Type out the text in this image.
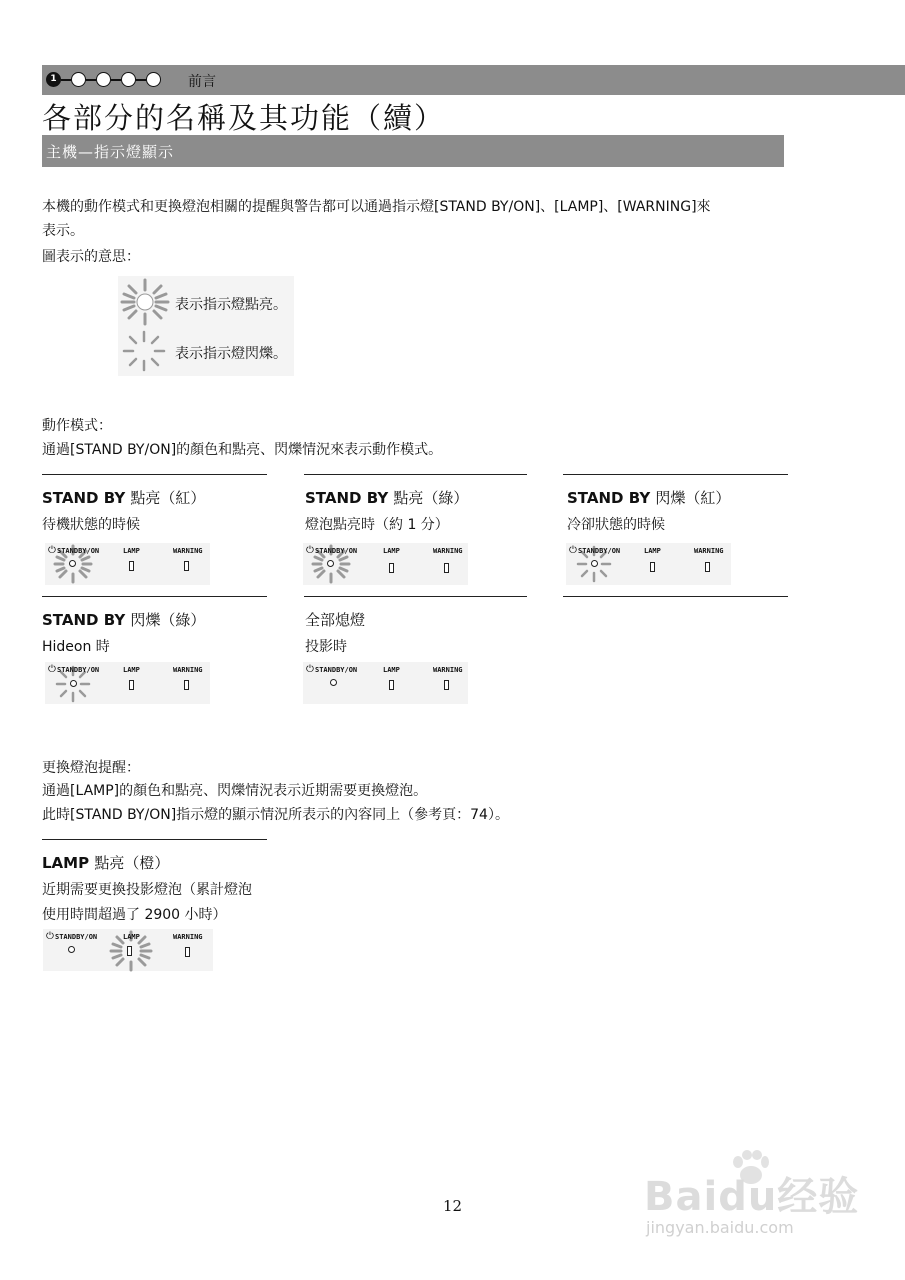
1	前言
各部分的名稱及其功能（續）
主機—指示燈顯示
本機的動作模式和更換燈泡相關的提醒與警告都可以通過指示燈[STAND BY/ON]、[LAMP]、[WARNING]來
表示。
圖表示的意思：
表示指示燈點亮。
表示指示燈閃爍。
動作模式：
通過[STAND BY/ON]的顏色和點亮、閃爍情況來表示動作模式。
STAND BY 點亮（紅）
待機狀態的時候
⏻ STANDBY/ON	LAMP	WARNING
STAND BY 點亮（綠）
燈泡點亮時（約 1 分）
⏻ STANDBY/ON	LAMP	WARNING
STAND BY 閃爍（紅）
冷卻狀態的時候
⏻ STANDBY/ON	LAMP	WARNING
STAND BY 閃爍（綠）
Hideon 時
⏻ STANDBY/ON	LAMP	WARNING
全部熄燈
投影時
⏻ STANDBY/ON	LAMP	WARNING
更換燈泡提醒：
通過[LAMP]的顏色和點亮、閃爍情況表示近期需要更換燈泡。
此時[STAND BY/ON]指示燈的顯示情況所表示的內容同上（參考頁：74）。
LAMP 點亮（橙）
近期需要更換投影燈泡（累計燈泡
使用時間超過了 2900 小時）
⏻ STANDBY/ON	LAMP	WARNING
12	Baidu经验
jingyan.baidu.com
